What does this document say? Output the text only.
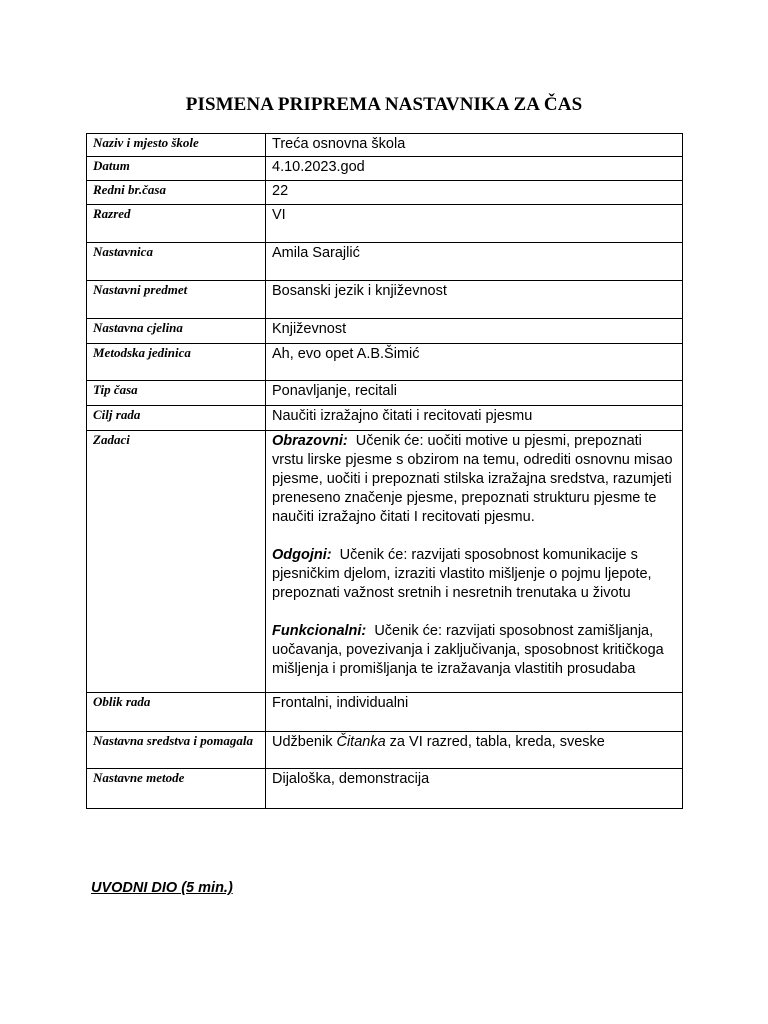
PISMENA PRIPREMA NASTAVNIKA ZA ČAS
Naziv i mjesto škole	Treća osnovna škola
Datum	4.10.2023.god
Redni br.časa	22
Razred	VI
Nastavnica	Amila Sarajlić
Nastavni predmet	Bosanski jezik i književnost
Nastavna cjelina	Književnost
Metodska jedinica	Ah, evo opet A.B.Šimić
Tip časa	Ponavljanje, recitali
Cilj rada	Naučiti izražajno čitati i recitovati pjesmu
Zadaci	Obrazovni: Učenik će: uočiti motive u pjesmi, prepoznati vrstu lirske pjesme s obzirom na temu, odrediti osnovnu misao pjesme, uočiti i prepoznati stilska izražajna sredstva, razumjeti preneseno značenje pjesme, prepoznati strukturu pjesme te naučiti izražajno čitati I recitovati pjesmu.
Odgojni: Učenik će: razvijati sposobnost komunikacije s pjesničkim djelom, izraziti vlastito mišljenje o pojmu ljepote, prepoznati važnost sretnih i nesretnih trenutaka u životu
Funkcionalni: Učenik će: razvijati sposobnost zamišljanja, uočavanja, povezivanja i zaključivanja, sposobnost kritičkoga mišljenja i promišljanja te izražavanja vlastitih prosudaba

Oblik rada	Frontalni, individualni
Nastavna sredstva i pomagala	Udžbenik Čitanka za VI razred, tabla, kreda, sveske
Nastavne metode	Dijaloška, demonstracija
UVODNI DIO (5 min.)
